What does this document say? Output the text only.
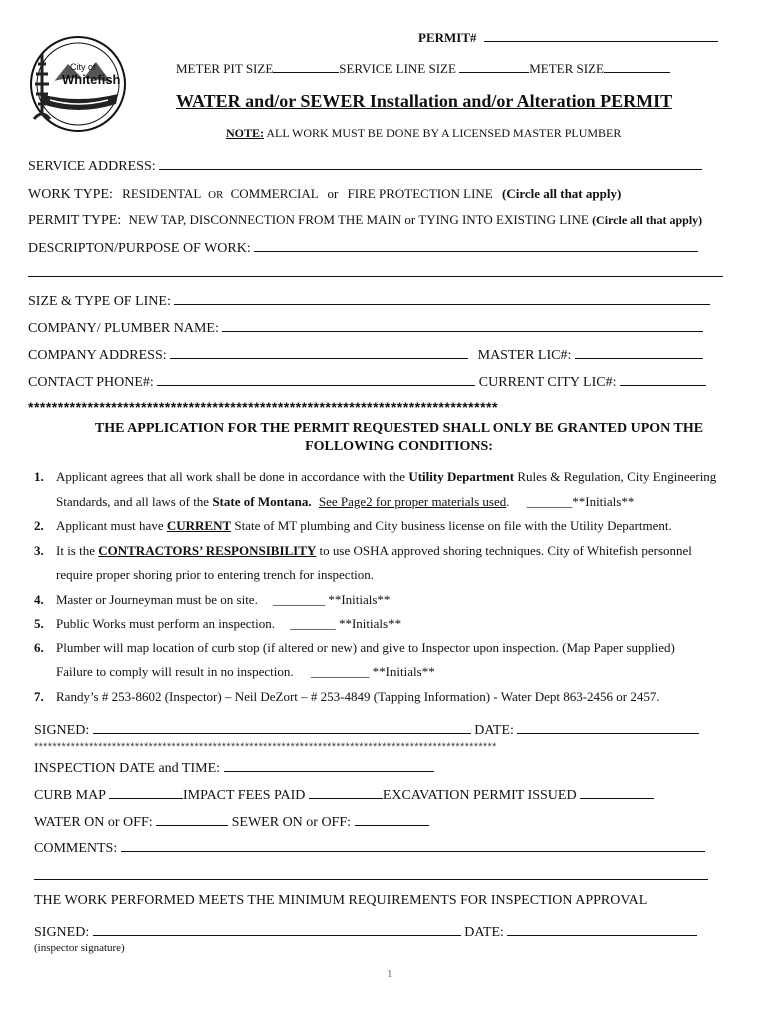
City of
Whitefish
PERMIT#
METER PIT SIZE	SERVICE LINE SIZE	METER SIZE
WATER and/or SEWER Installation and/or Alteration PERMIT
NOTE: ALL WORK MUST BE DONE BY A LICENSED MASTER PLUMBER
SERVICE ADDRESS:
WORK TYPE: RESIDENTAL OR COMMERCIAL or FIRE PROTECTION LINE (Circle all that apply)
PERMIT TYPE: NEW TAP, DISCONNECTION FROM THE MAIN or TYING INTO EXISTING LINE (Circle all that apply)
DESCRIPTON/PURPOSE OF WORK:
SIZE & TYPE OF LINE:
COMPANY/ PLUMBER NAME:
COMPANY ADDRESS:	MASTER LIC#:
CONTACT PHONE#:	CURRENT CITY LIC#:
*******************************************************************************
THE APPLICATION FOR THE PERMIT REQUESTED SHALL ONLY BE GRANTED UPON THE
FOLLOWING CONDITIONS:
1. Applicant agrees that all work shall be done in accordance with the Utility Department Rules & Regulation, City Engineering
Standards, and all laws of the State of Montana. See Page2 for proper materials used. _______**Initials**
2. Applicant must have CURRENT State of MT plumbing and City business license on file with the Utility Department.
3. It is the CONTRACTORS’ RESPONSIBILITY to use OSHA approved shoring techniques. City of Whitefish personnel
require proper shoring prior to entering trench for inspection.
4. Master or Journeyman must be on site. ________ **Initials**
5. Public Works must perform an inspection. _______ **Initials**
6. Plumber will map location of curb stop (if altered or new) and give to Inspector upon inspection. (Map Paper supplied)
Failure to comply will result in no inspection. _________ **Initials**
7. Randy’s # 253-8602 (Inspector) – Neil DeZort – # 253-4849 (Tapping Information) - Water Dept 863-2456 or 2457.
SIGNED:	DATE:
*****************************************************************************************************
INSPECTION DATE and TIME:
CURB MAP	IMPACT FEES PAID	EXCAVATION PERMIT ISSUED
WATER ON or OFF:	SEWER ON or OFF:
COMMENTS:
THE WORK PERFORMED MEETS THE MINIMUM REQUIREMENTS FOR INSPECTION APPROVAL
SIGNED:	DATE:
(inspector signature)
1
